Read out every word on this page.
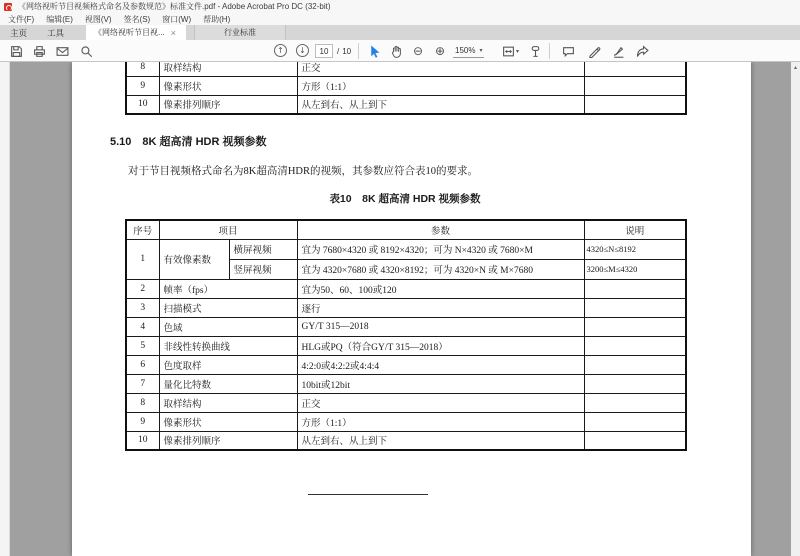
《网络视听节目视频格式命名及参数规范》标准文件.pdf - Adobe Acrobat Pro DC (32-bit)
文件(F) 编辑(E) 视图(V) 签名(S) 窗口(W) 帮助(H)
主页	工具	《网络视听节目视... ×	行业标准
↑	↓	10	/ 10	⊖ ⊕	150% ▾	▾
8	取样结构	正交	
9	像素形状	方形（1:1）	
10	像素排列顺序	从左到右、从上到下	
5.10　8K 超高清 HDR 视频参数
对于节目视频格式命名为8K超高清HDR的视频，其参数应符合表10的要求。
表10　8K 超高清 HDR 视频参数
序号	项目		参数	说明
1	有效像素数	横屏视频	宜为 7680×4320 或 8192×4320；可为 N×4320 或 7680×M	4320≤N≤8192
		竖屏视频	宜为 4320×7680 或 4320×8192；可为 4320×N 或 M×7680	3200≤M≤4320
2	帧率（fps）		宜为50、60、100或120	
3	扫描模式		逐行	
4	色域		GY/T 315—2018	
5	非线性转换曲线		HLG或PQ（符合GY/T 315—2018）	
6	色度取样		4:2:0或4:2:2或4:4:4	
7	量化比特数		10bit或12bit	
8	取样结构		正交	
9	像素形状		方形（1:1）	
10	像素排列顺序		从左到右、从上到下	
▴
